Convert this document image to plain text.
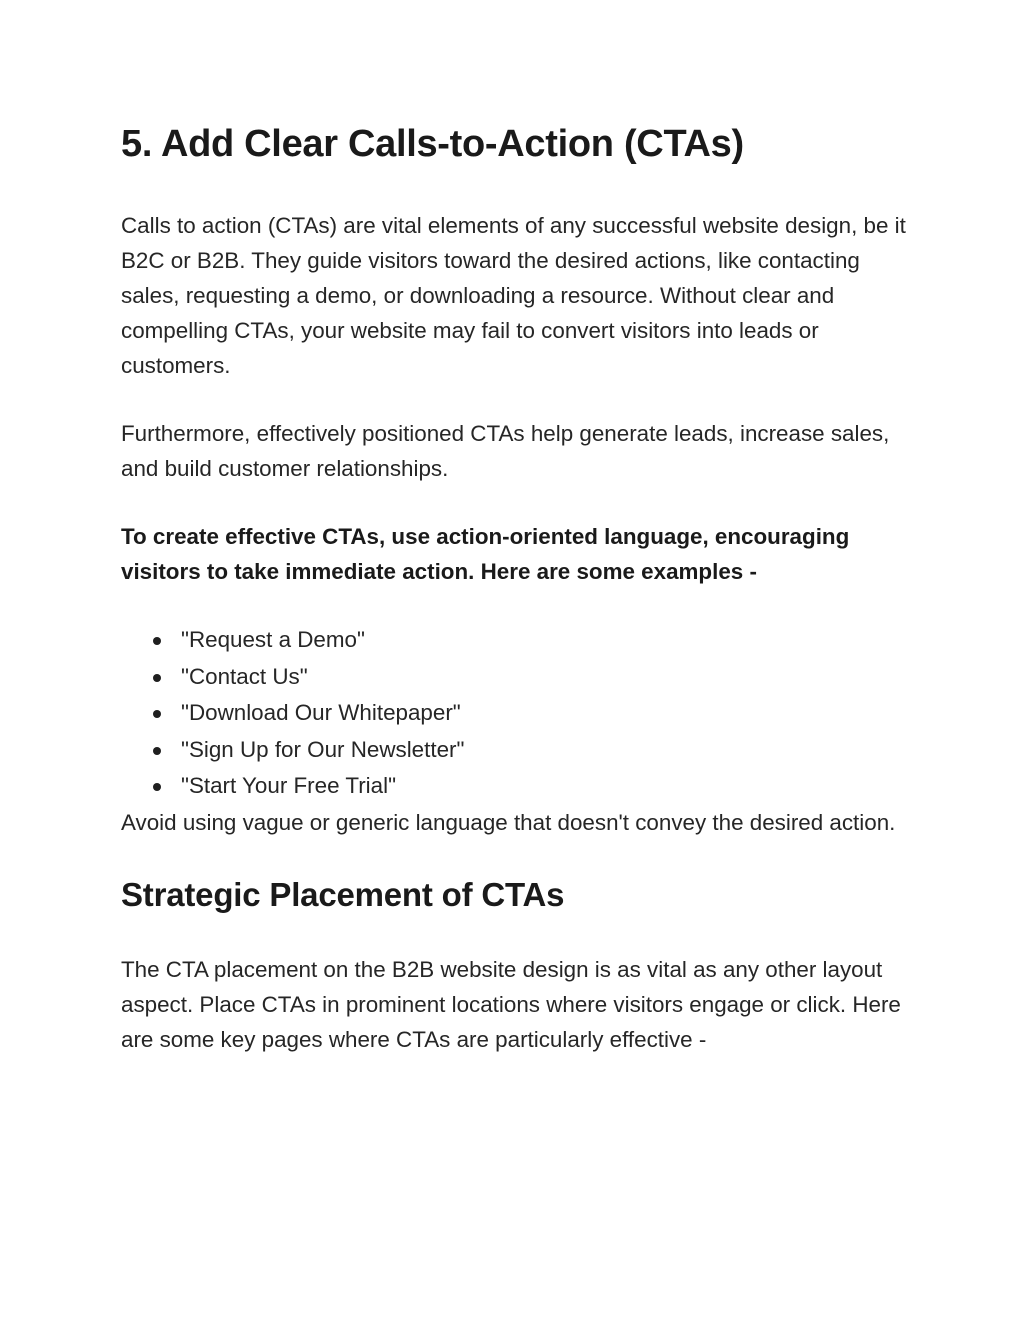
5. Add Clear Calls-to-Action (CTAs)

Calls to action (CTAs) are vital elements of any successful website design, be it B2C or B2B. They guide visitors toward the desired actions, like contacting sales, requesting a demo, or downloading a resource. Without clear and compelling CTAs, your website may fail to convert visitors into leads or customers.

Furthermore, effectively positioned CTAs help generate leads, increase sales, and build customer relationships.

To create effective CTAs, use action-oriented language, encouraging visitors to take immediate action. Here are some examples -

"Request a Demo"
"Contact Us"
"Download Our Whitepaper"
"Sign Up for Our Newsletter"
"Start Your Free Trial"

Avoid using vague or generic language that doesn't convey the desired action.

Strategic Placement of CTAs

The CTA placement on the B2B website design is as vital as any other layout aspect. Place CTAs in prominent locations where visitors engage or click. Here are some key pages where CTAs are particularly effective -
